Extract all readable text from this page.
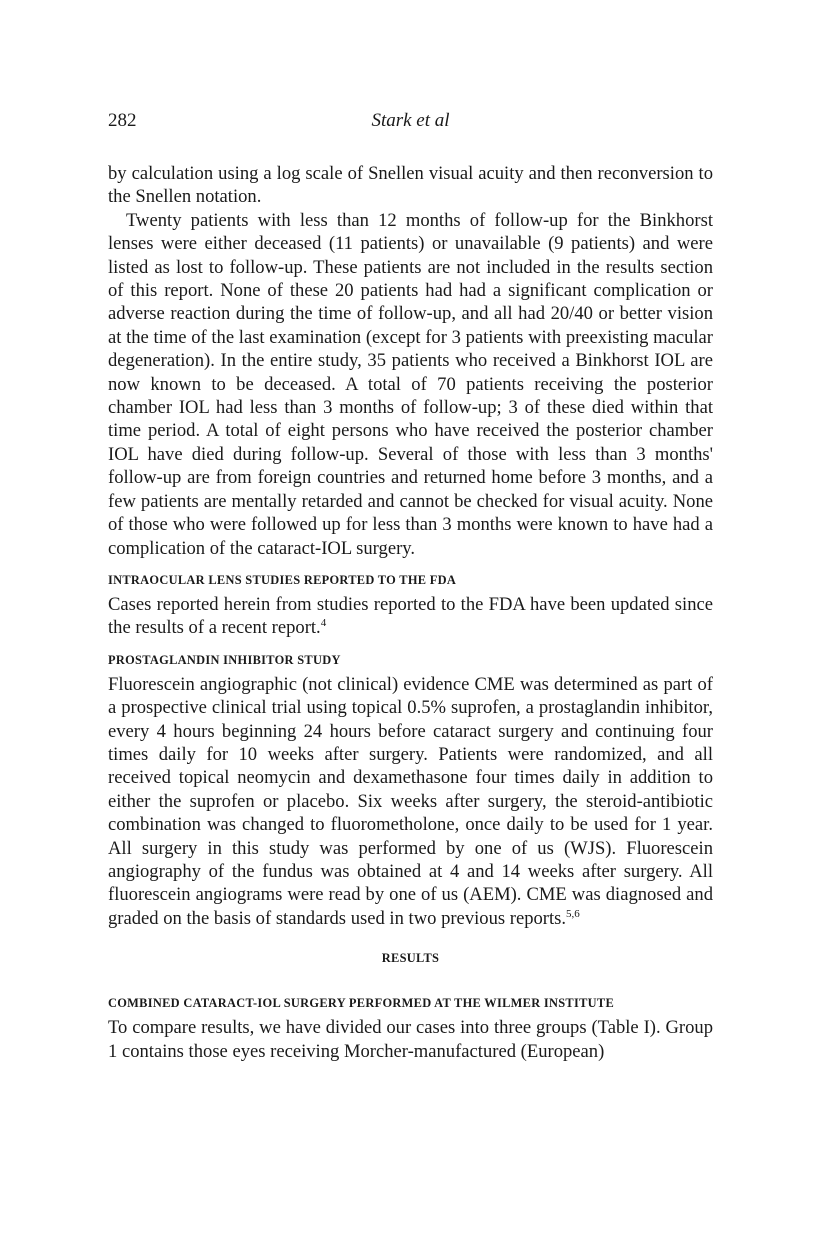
282	Stark et al

by calculation using a log scale of Snellen visual acuity and then reconversion to the Snellen notation.

Twenty patients with less than 12 months of follow-up for the Binkhorst lenses were either deceased (11 patients) or unavailable (9 patients) and were listed as lost to follow-up. These patients are not included in the results section of this report. None of these 20 patients had had a significant complication or adverse reaction during the time of follow-up, and all had 20/40 or better vision at the time of the last examination (except for 3 patients with preexisting macular degeneration). In the entire study, 35 patients who received a Binkhorst IOL are now known to be deceased. A total of 70 patients receiving the posterior chamber IOL had less than 3 months of follow-up; 3 of these died within that time period. A total of eight persons who have received the posterior chamber IOL have died during follow-up. Several of those with less than 3 months' follow-up are from foreign countries and returned home before 3 months, and a few patients are mentally retarded and cannot be checked for visual acuity. None of those who were followed up for less than 3 months were known to have had a complication of the cataract-IOL surgery.

INTRAOCULAR LENS STUDIES REPORTED TO THE FDA

Cases reported herein from studies reported to the FDA have been updated since the results of a recent report.$^4$

PROSTAGLANDIN INHIBITOR STUDY

Fluorescein angiographic (not clinical) evidence CME was determined as part of a prospective clinical trial using topical 0.5% suprofen, a prostaglandin inhibitor, every 4 hours beginning 24 hours before cataract surgery and continuing four times daily for 10 weeks after surgery. Patients were randomized, and all received topical neomycin and dexamethasone four times daily in addition to either the suprofen or placebo. Six weeks after surgery, the steroid-antibiotic combination was changed to fluorometholone, once daily to be used for 1 year. All surgery in this study was performed by one of us (WJS). Fluorescein angiography of the fundus was obtained at 4 and 14 weeks after surgery. All fluorescein angiograms were read by one of us (AEM). CME was diagnosed and graded on the basis of standards used in two previous reports.$^{5,6}$

RESULTS
COMBINED CATARACT-IOL SURGERY PERFORMED AT THE WILMER INSTITUTE

To compare results, we have divided our cases into three groups (Table I). Group 1 contains those eyes receiving Morcher-manufactured (European)
